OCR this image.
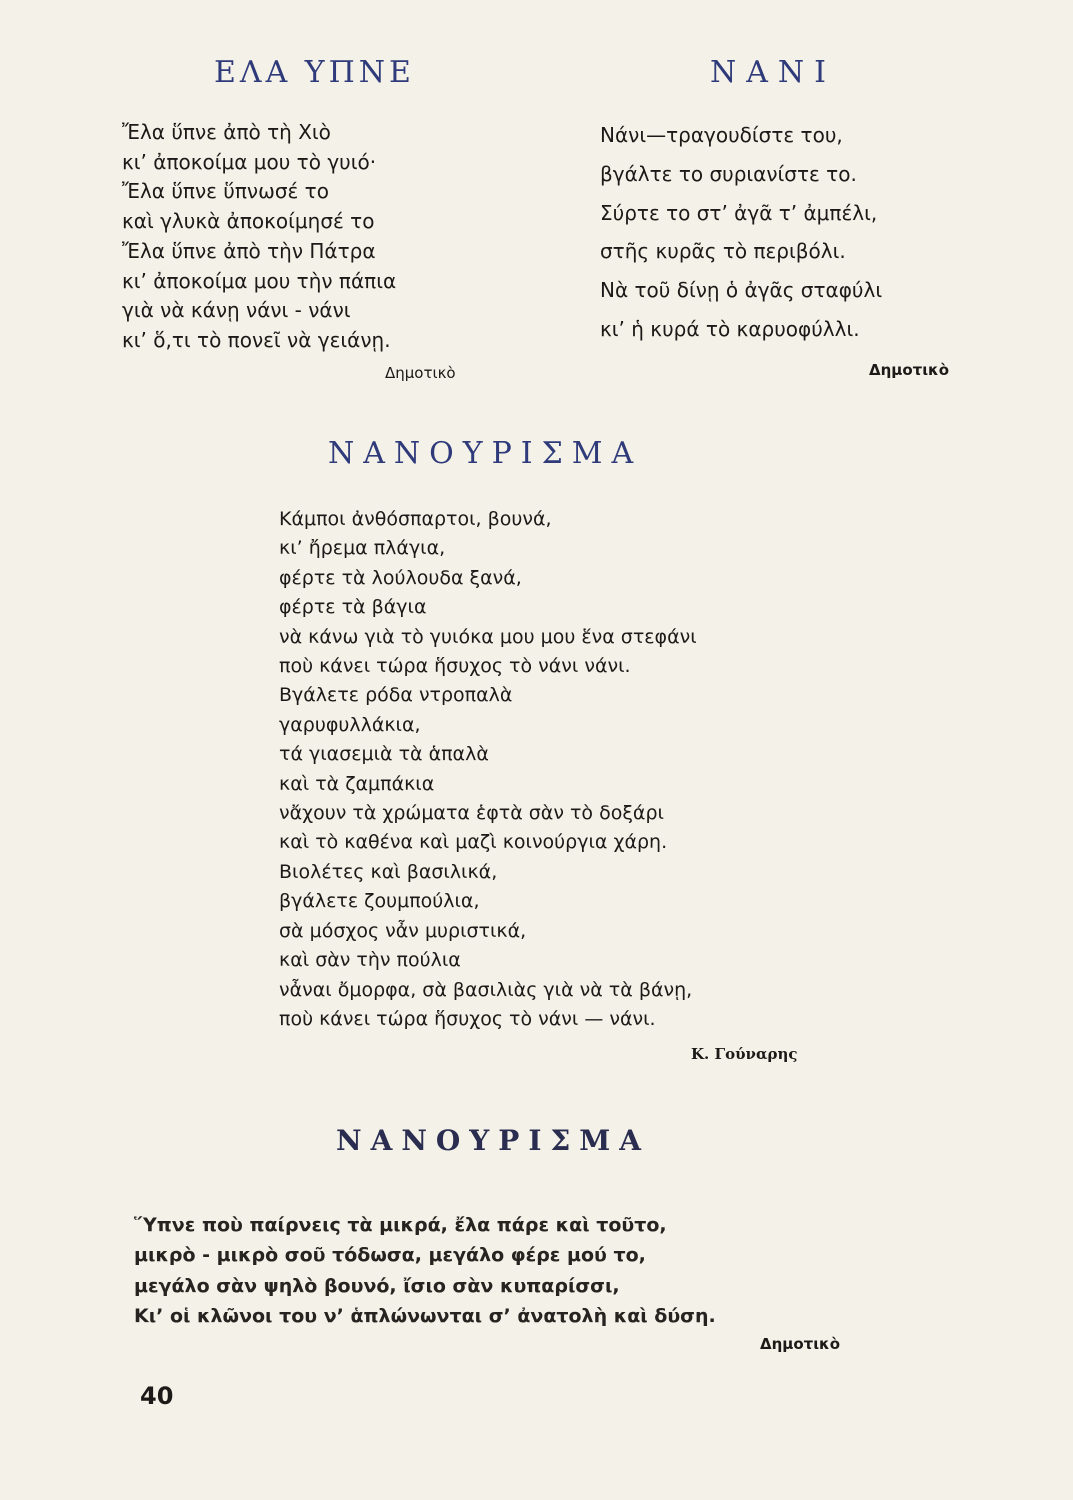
ΕΛΑ ΥΠΝΕ
Ἔλα ὕπνε ἀπὸ τὴ Χιὸ
κι’ ἀποκοίμα μου τὸ γυιό·
Ἔλα ὕπνε ὕπνωσέ το
καὶ γλυκὰ ἀποκοίμησέ το
Ἔλα ὕπνε ἀπὸ τὴν Πάτρα
κι’ ἀποκοίμα μου τὴν πάπια
γιὰ νὰ κάνῃ νάνι - νάνι
κι’ ὅ,τι τὸ πονεῖ νὰ γειάνῃ.
Δημοτικὸ
ΝΑΝΙ
Νάνι—τραγουδίστε του,
βγάλτε το συριανίστε το.
Σύρτε το στ’ ἀγᾶ τ’ ἀμπέλι,
στῆς κυρᾶς τὸ περιβόλι.
Νὰ τοῦ δίνῃ ὁ ἀγᾶς σταφύλι
κι’ ἡ κυρά τὸ καρυοφύλλι.
Δημοτικὸ
ΝΑΝΟΥΡΙΣΜΑ
Κάμποι ἀνθόσπαρτοι, βουνά,
κι’ ἤρεμα πλάγια,
φέρτε τὰ λούλουδα ξανά,
φέρτε τὰ βάγια
νὰ κάνω γιὰ τὸ γυιόκα μου μου ἕνα στεφάνι
ποὺ κάνει τώρα ἥσυχος τὸ νάνι νάνι.
Βγάλετε ρόδα ντροπαλὰ
γαρυφυλλάκια,
τά γιασεμιὰ τὰ ἁπαλὰ
καὶ τὰ ζαμπάκια
νἄχουν τὰ χρώματα ἑφτὰ σὰν τὸ δοξάρι
καὶ τὸ καθένα καὶ μαζὶ κοινούργια χάρη.
Βιολέτες καὶ βασιλικά,
βγάλετε ζουμπούλια,
σὰ μόσχος νἆν μυριστικά,
καὶ σὰν τὴν πούλια
νἆναι ὄμορφα, σὰ βασιλιὰς γιὰ νὰ τὰ βάνῃ,
ποὺ κάνει τώρα ἥσυχος τὸ νάνι — νάνι.
Κ. Γούναρης
ΝΑΝΟΥΡΙΣΜΑ
Ὕπνε ποὺ παίρνεις τὰ μικρά, ἔλα πάρε καὶ τοῦτο,
μικρὸ - μικρὸ σοῦ τόδωσα, μεγάλο φέρε μού το,
μεγάλο σὰν ψηλὸ βουνό, ἴσιο σὰν κυπαρίσσι,
Κι’ οἱ κλῶνοι του ν’ ἁπλώνωνται σ’ ἀνατολὴ καὶ δύση.
Δημοτικὸ
40
